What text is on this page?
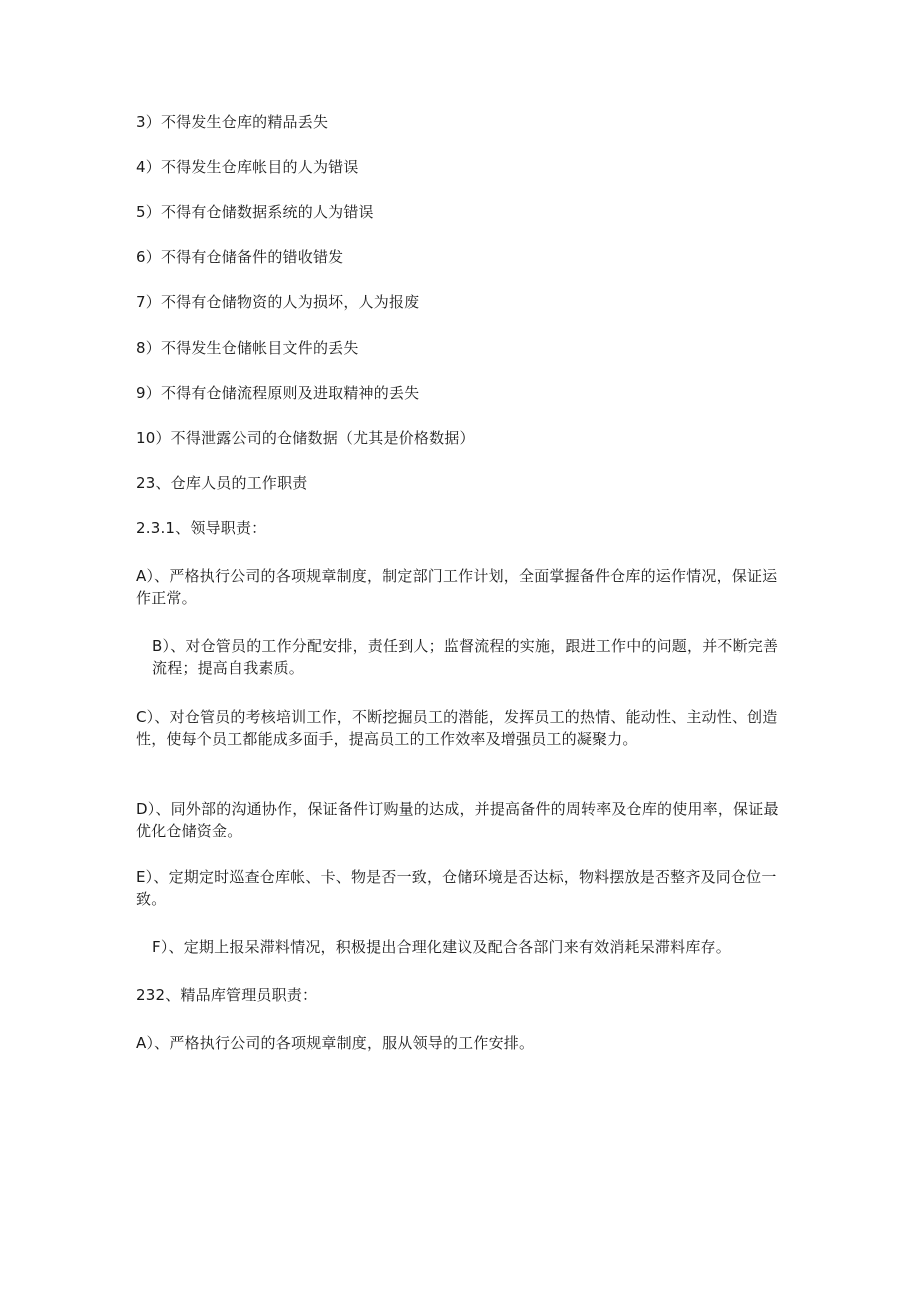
3）不得发生仓库的精品丢失

4）不得发生仓库帐目的人为错误

5）不得有仓储数据系统的人为错误

6）不得有仓储备件的错收错发

7）不得有仓储物资的人为损坏，人为报废

8）不得发生仓储帐目文件的丢失

9）不得有仓储流程原则及进取精神的丢失

10）不得泄露公司的仓储数据（尤其是价格数据）

23、仓库人员的工作职责

2.3.1、领导职责：

A）、严格执行公司的各项规章制度，制定部门工作计划，全面掌握备件仓库的运作情况，保证运作正常。

B）、对仓管员的工作分配安排，责任到人；监督流程的实施，跟进工作中的问题，并不断完善流程；提高自我素质。

C）、对仓管员的考核培训工作，不断挖掘员工的潜能，发挥员工的热情、能动性、主动性、创造性，使每个员工都能成多面手，提高员工的工作效率及增强员工的凝聚力。

D）、同外部的沟通协作，保证备件订购量的达成，并提高备件的周转率及仓库的使用率，保证最优化仓储资金。

E）、定期定时巡查仓库帐、卡、物是否一致，仓储环境是否达标，物料摆放是否整齐及同仓位一致。

F）、定期上报呆滞料情况，积极提出合理化建议及配合各部门来有效消耗呆滞料库存。

232、精品库管理员职责：

A）、严格执行公司的各项规章制度，服从领导的工作安排。
